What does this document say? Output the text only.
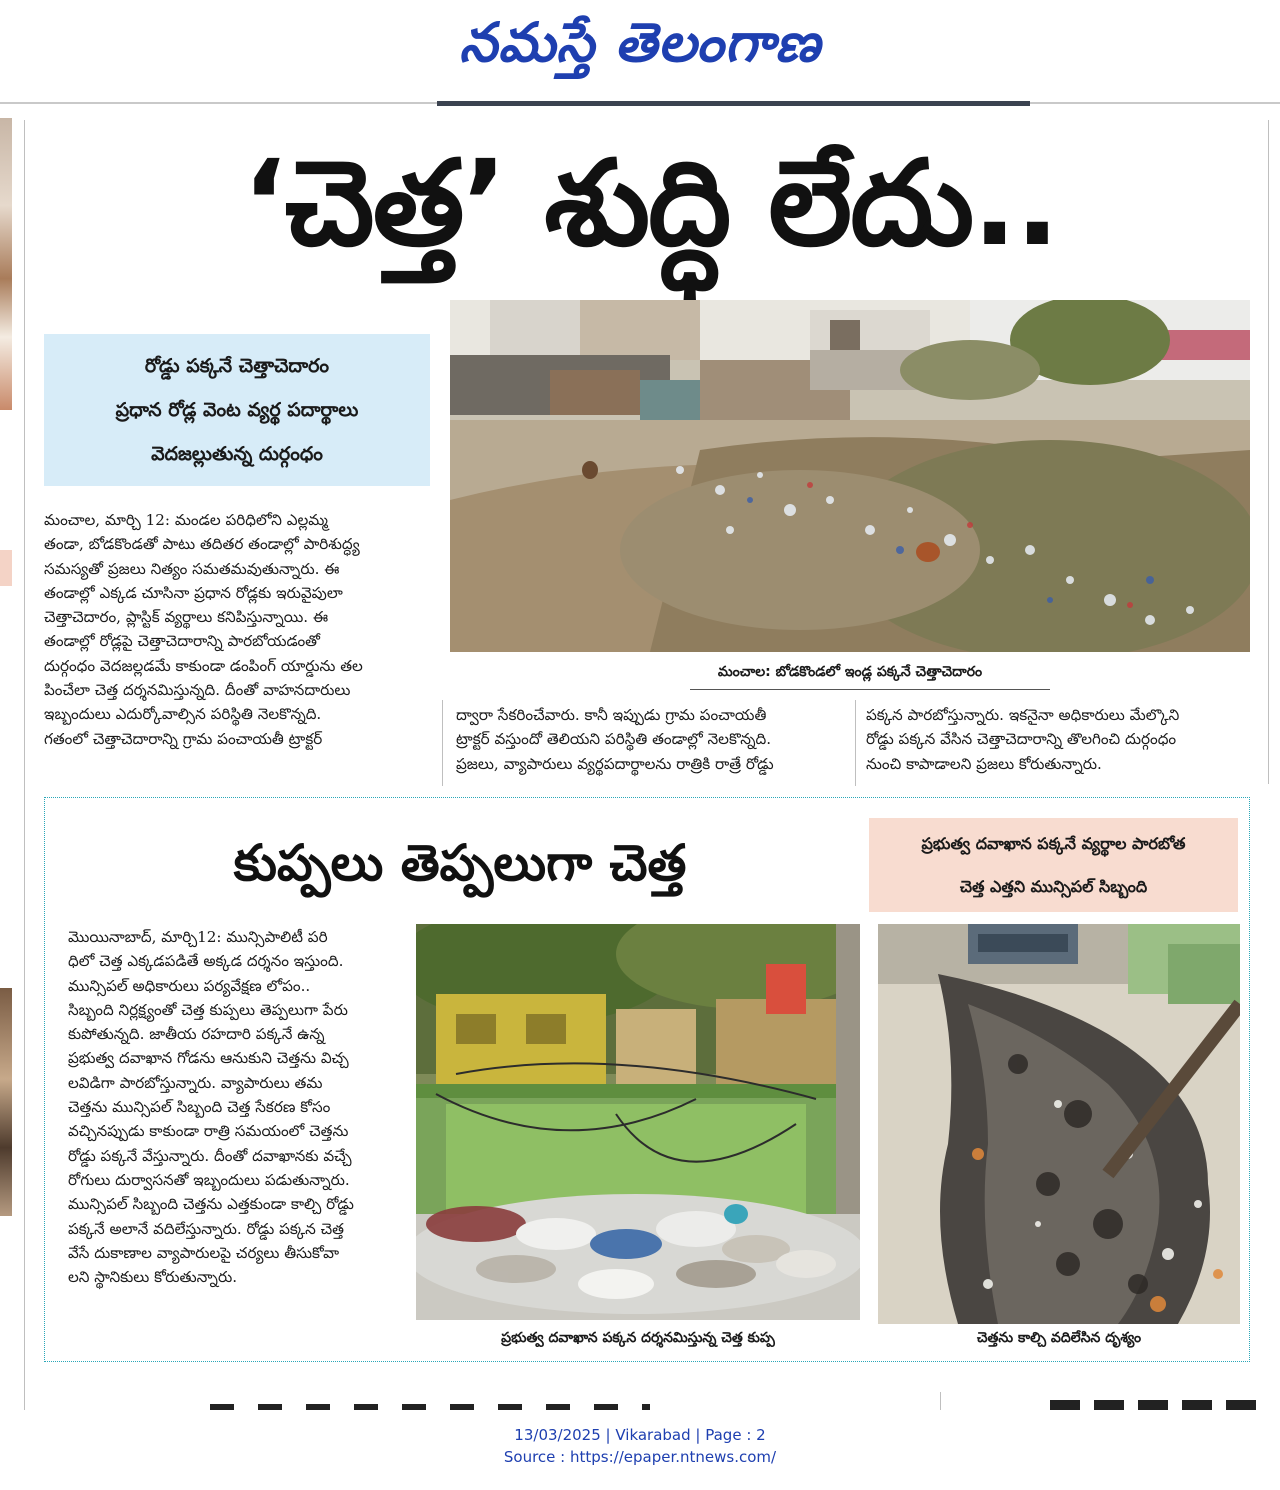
నమస్తే తెలంగాణ
‘చెత్త’ శుద్ధి లేదు..
రోడ్డు పక్కనే చెత్తాచెదారం
ప్రధాన రోడ్ల వెంట వ్యర్థ పదార్థాలు
వెదజల్లుతున్న దుర్గంధం
మంచాల: బోడకొండలో ఇండ్ల పక్కనే చెత్తాచెదారం
మంచాల, మార్చి 12: మండల పరిధిలోని ఎల్లమ్మ
తండా, బోడకొండతో పాటు తదితర తండాల్లో పారిశుద్ధ్య
సమస్యతో ప్రజలు నిత్యం సమతమవుతున్నారు. ఈ
తండాల్లో ఎక్కడ చూసినా ప్రధాన రోడ్లకు ఇరువైపులా
చెత్తాచెదారం, ప్లాస్టిక్ వ్యర్థాలు కనిపిస్తున్నాయి. ఈ
తండాల్లో రోడ్లపై చెత్తాచెదారాన్ని పారబోయడంతో
దుర్గంధం వెదజల్లడమే కాకుండా డంపింగ్ యార్డును తల
పించేలా చెత్త దర్శనమిస్తున్నది. దీంతో వాహనదారులు
ఇబ్బందులు ఎదుర్కోవాల్సిన పరిస్థితి నెలకొన్నది.
గతంలో చెత్తాచెదారాన్ని గ్రామ పంచాయతీ ట్రాక్టర్
ద్వారా సేకరించేవారు. కానీ ఇప్పుడు గ్రామ పంచాయతీ
ట్రాక్టర్ వస్తుందో తెలియని పరిస్థితి తండాల్లో నెలకొన్నది.
ప్రజలు, వ్యాపారులు వ్యర్థపదార్థాలను రాత్రికి రాత్రే రోడ్డు
పక్కన పారబోస్తున్నారు. ఇకనైనా అధికారులు మేల్కొని
రోడ్డు పక్కన వేసిన చెత్తాచెదారాన్ని తొలగించి దుర్గంధం
నుంచి కాపాడాలని ప్రజలు కోరుతున్నారు.
కుప్పలు తెప్పలుగా చెత్త	ప్రభుత్వ దవాఖాన పక్కనే వ్యర్థాల పారబోత
చెత్త ఎత్తని మున్సిపల్ సిబ్బంది
మొయినాబాద్, మార్చి12: మున్సిపాలిటీ పరి
ధిలో చెత్త ఎక్కడపడితే అక్కడ దర్శనం ఇస్తుంది.
మున్సిపల్ అధికారులు పర్యవేక్షణ లోపం..
సిబ్బంది నిర్లక్ష్యంతో చెత్త కుప్పలు తెప్పలుగా పేరు
కుపోతున్నది. జాతీయ రహదారి పక్కనే ఉన్న
ప్రభుత్వ దవాఖాన గోడను ఆనుకుని చెత్తను విచ్చ
లవిడిగా పారబోస్తున్నారు. వ్యాపారులు తమ
చెత్తను మున్సిపల్ సిబ్బంది చెత్త సేకరణ కోసం
వచ్చినప్పుడు కాకుండా రాత్రి సమయంలో చెత్తను
రోడ్డు పక్కనే వేస్తున్నారు. దీంతో దవాఖానకు వచ్చే
రోగులు దుర్వాసనతో ఇబ్బందులు పడుతున్నారు.
మున్సిపల్ సిబ్బంది చెత్తను ఎత్తకుండా కాల్చి రోడ్డు
పక్కనే అలానే వదిలేస్తున్నారు. రోడ్డు పక్కన చెత్త
వేసే దుకాణాల వ్యాపారులపై చర్యలు తీసుకోవా
లని స్థానికులు కోరుతున్నారు.
ప్రభుత్వ దవాఖాన పక్కన దర్శనమిస్తున్న చెత్త కుప్ప	చెత్తను కాల్చి వదిలేసిన దృశ్యం
13/03/2025 | Vikarabad | Page : 2
Source : https://epaper.ntnews.com/
